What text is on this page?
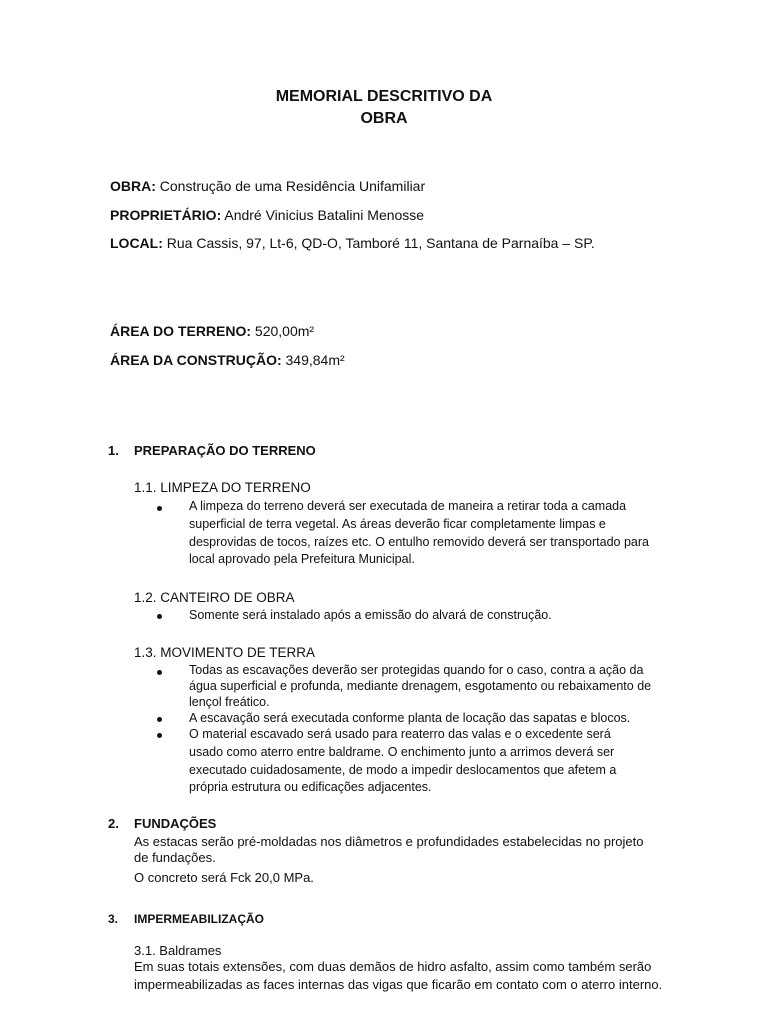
MEMORIAL DESCRITIVO DA
OBRA
OBRA: Construção de uma Residência Unifamiliar
PROPRIETÁRIO: André Vinicius Batalini Menosse
LOCAL: Rua Cassis, 97, Lt-6, QD-O, Tamboré 11, Santana de Parnaíba – SP.
ÁREA DO TERRENO: 520,00m²
ÁREA DA CONSTRUÇÃO: 349,84m²
1. PREPARAÇÃO DO TERRENO
1.1. LIMPEZA DO TERRENO
A limpeza do terreno deverá ser executada de maneira a retirar toda a camada superficial de terra vegetal. As áreas deverão ficar completamente limpas e desprovidas de tocos, raízes etc. O entulho removido deverá ser transportado para local aprovado pela Prefeitura Municipal.
1.2. CANTEIRO DE OBRA
Somente será instalado após a emissão do alvará de construção.
1.3. MOVIMENTO DE TERRA
Todas as escavações deverão ser protegidas quando for o caso, contra a ação da água superficial e profunda, mediante drenagem, esgotamento ou rebaixamento de lençol freático.
A escavação será executada conforme planta de locação das sapatas e blocos.
O material escavado será usado para reaterro das valas e o excedente será usado como aterro entre baldrame. O enchimento junto a arrimos deverá ser executado cuidadosamente, de modo a impedir deslocamentos que afetem a própria estrutura ou edificações adjacentes.
2. FUNDAÇÕES
As estacas serão pré-moldadas nos diâmetros e profundidades estabelecidas no projeto de fundações.
O concreto será Fck 20,0 MPa.
3. IMPERMEABILIZAÇÃO
3.1. Baldrames
Em suas totais extensões, com duas demãos de hidro asfalto, assim como também serão impermeabilizadas as faces internas das vigas que ficarão em contato com o aterro interno.
